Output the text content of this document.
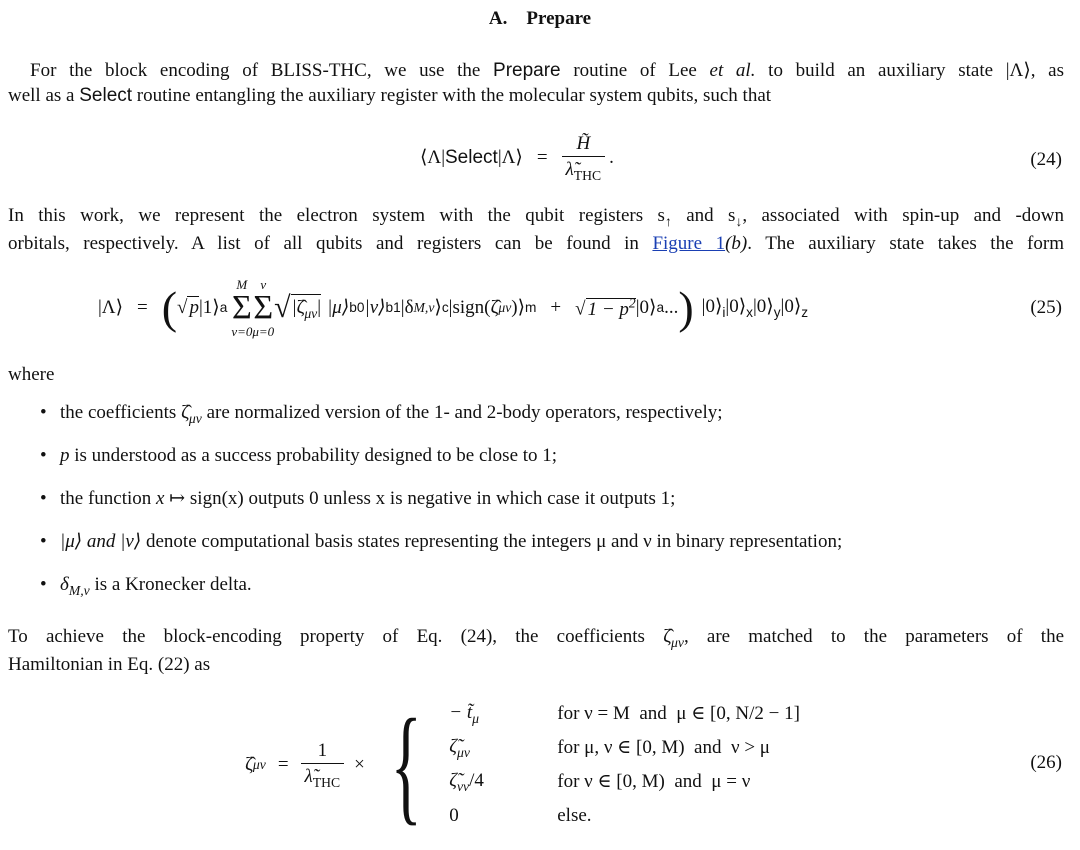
A. Prepare
For the block encoding of BLISS-THC, we use the Prepare routine of Lee et al. to build an auxiliary state |Λ⟩, as
well as a Select routine entangling the auxiliary register with the molecular system qubits, such that
⟨Λ| Select |Λ⟩ = $\frac{H̃}{\lambdã_{THC}}$ .	(24)
In this work, we represent the electron system with the qubit registers $s_↑$ and $s_↓$, associated with spin-up and -down
orbitals, respectively. A list of all qubits and registers can be found in Figure 1(b). The auxiliary state takes the form
|Λ⟩ = ( √ p |1⟩ a
M
Σ
ν=0
ν
Σ
μ=0
√ $|\zetâ_{\mu\nu}|$ |μ⟩ b0 |ν⟩ b1 |δ M,ν ⟩ c |sign(ζ̂ μν )⟩ m + √ $1 - p^2$ |0⟩ a ... ) $|0⟩_i|0⟩_x|0⟩_y|0⟩_z$	(25)
where
• the coefficients $\zetâ_{\mu\nu}$ are normalized version of the 1- and 2-body operators, respectively;
• p is understood as a success probability designed to be close to 1;
• the function x ↦ sign(x) outputs 0 unless x is negative in which case it outputs 1;
• |μ⟩ and |ν⟩ denote computational basis states representing the integers μ and ν in binary representation;
• $\delta_{M,\nu}$ is a Kronecker delta.
To achieve the block-encoding property of Eq. (24), the coefficients $\zetâ_{\mu\nu}$, are matched to the parameters of the
Hamiltonian in Eq. (22) as
ζ̂ $\mu\nu = \frac{1}{\lambdã_{THC}}$ × { − $t̃_\mu$	for ν = M  and  μ ∈ [0, N/2 − 1]
$\zetã_{\mu\nu}$	for μ, ν ∈ [0, M)  and  ν > μ
$\zetã_{\nu\nu}/4$	for ν ∈ [0, M)  and  μ = ν
0	else.
(26)
